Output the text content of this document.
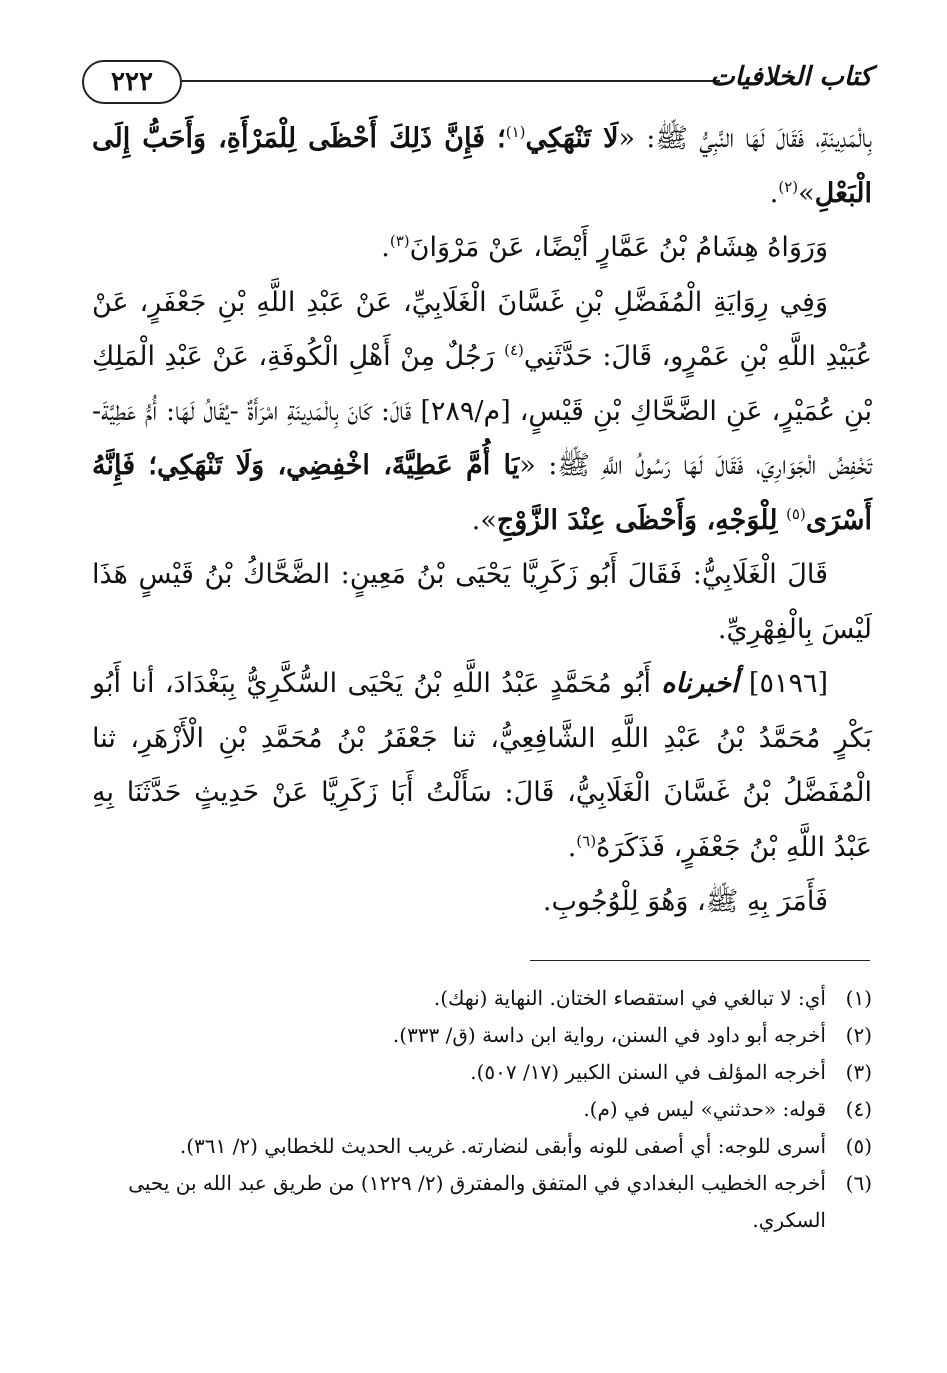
٢٢٢	كتاب الخلافيات

بِالْمَدِينَةِ، فَقَالَ لَهَا النَّبِيُّ ﷺ: «لَا تَنْهَكِي$^{(١)}$؛ فَإِنَّ ذَلِكَ أَحْظَى لِلْمَرْأَةِ، وَأَحَبُّ إِلَى الْبَعْلِ»$^{(٢)}$.

وَرَوَاهُ هِشَامُ بْنُ عَمَّارٍ أَيْضًا، عَنْ مَرْوَانَ$^{(٣)}$.

وَفِي رِوَايَةِ الْمُفَضَّلِ بْنِ غَسَّانَ الْغَلَابِيِّ، عَنْ عَبْدِ اللَّهِ بْنِ جَعْفَرٍ، عَنْ عُبَيْدِ اللَّهِ بْنِ عَمْرٍو، قَالَ: حَدَّثَنِي$^{(٤)}$ رَجُلٌ مِنْ أَهْلِ الْكُوفَةِ، عَنْ عَبْدِ الْمَلِكِ بْنِ عُمَيْرٍ، عَنِ الضَّحَّاكِ بْنِ قَيْسٍ، [م/٢٨٩] قَالَ: كَانَ بِالْمَدِينَةِ امْرَأَةٌ -يُقَالُ لَهَا: أُمُّ عَطِيَّةَ- تَخْفِضُ الْجَوَارِيَ، فَقَالَ لَهَا رَسُولُ اللَّهِ ﷺ: «يَا أُمَّ عَطِيَّةَ، اخْفِضِي، وَلَا تَنْهَكِي؛ فَإِنَّهُ أَسْرَى$^{(٥)}$ لِلْوَجْهِ، وَأَحْظَى عِنْدَ الزَّوْجِ».

قَالَ الْغَلَابِيُّ: فَقَالَ أَبُو زَكَرِيَّا يَحْيَى بْنُ مَعِينٍ: الضَّحَّاكُ بْنُ قَيْسٍ هَذَا لَيْسَ بِالْفِهْرِيِّ.

[٥١٩٦] أخبرناه أَبُو مُحَمَّدٍ عَبْدُ اللَّهِ بْنُ يَحْيَى السُّكَّرِيُّ بِبَغْدَادَ، أنا أَبُو بَكْرٍ مُحَمَّدُ بْنُ عَبْدِ اللَّهِ الشَّافِعِيُّ، ثنا جَعْفَرُ بْنُ مُحَمَّدِ بْنِ الْأَزْهَرِ، ثنا الْمُفَضَّلُ بْنُ غَسَّانَ الْغَلَابِيُّ، قَالَ: سَأَلْتُ أَبَا زَكَرِيَّا عَنْ حَدِيثٍ حَدَّثَنَا بِهِ عَبْدُ اللَّهِ بْنُ جَعْفَرٍ، فَذَكَرَهُ$^{(٦)}$.

فَأَمَرَ بِهِ ﷺ، وَهُوَ لِلْوُجُوبِ.

(١)
أي: لا تبالغي في استقصاء الختان. النهاية (نهك).
(٢)
أخرجه أبو داود في السنن، رواية ابن داسة (ق/ ٣٣٣).
(٣)
أخرجه المؤلف في السنن الكبير (١٧/ ٥٠٧).
(٤)
قوله: «حدثني» ليس في (م).
(٥)
أسرى للوجه: أي أصفى للونه وأبقى لنضارته. غريب الحديث للخطابي (٢/ ٣٦١).
(٦)
أخرجه الخطيب البغدادي في المتفق والمفترق (٢/ ١٢٢٩) من طريق عبد الله بن يحيى السكري.
